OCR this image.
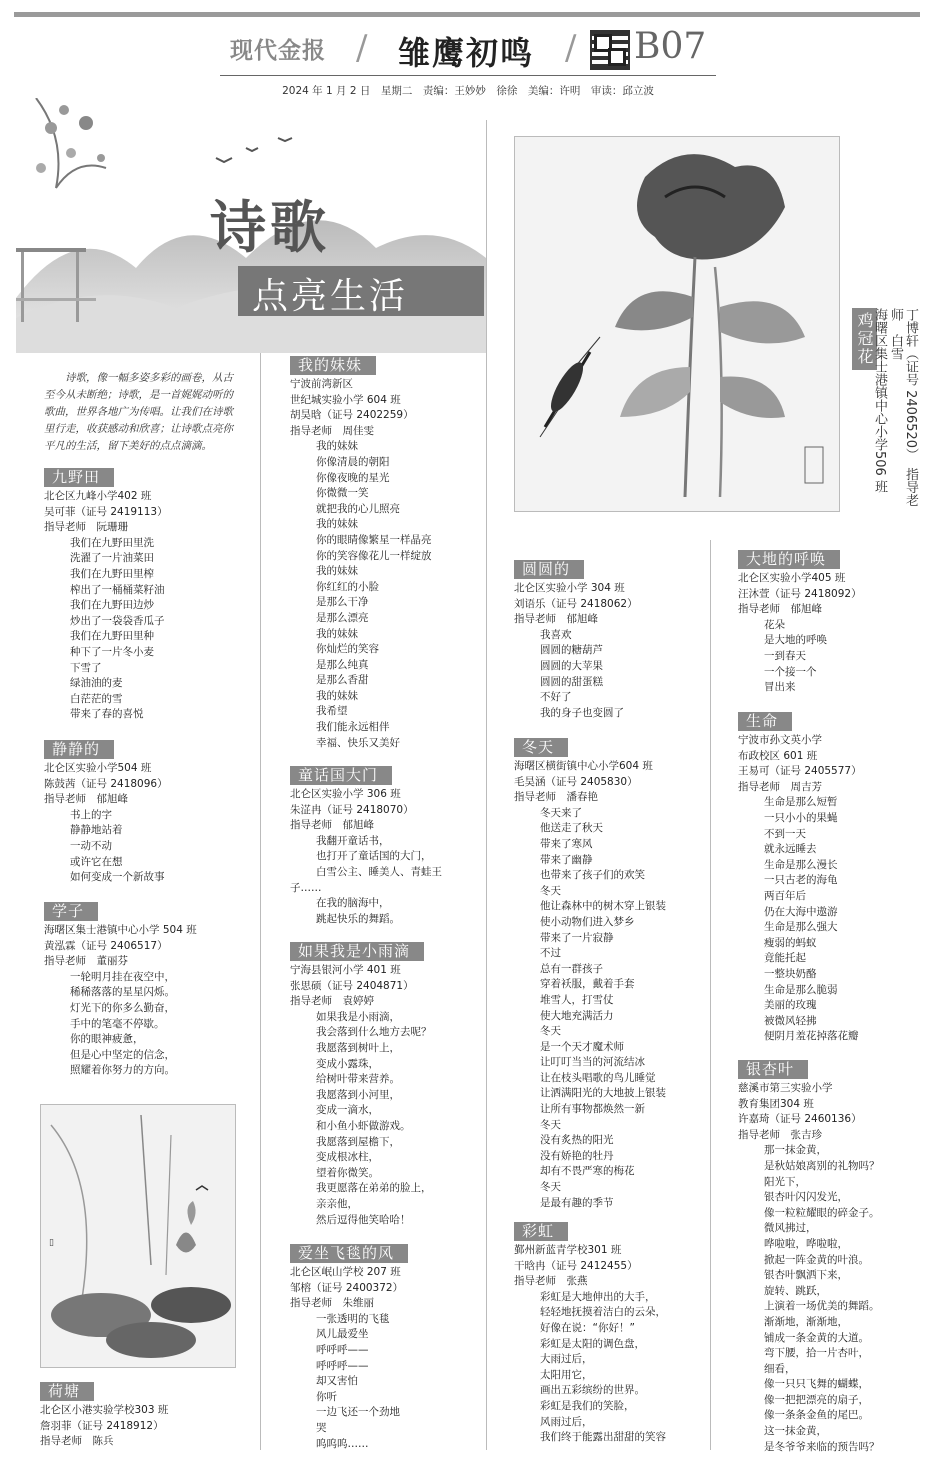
现代金报 / 雏鹰初鸣 / B07
2024 年 1 月 2 日　星期二　责编：王妙妙　徐徐　美编：许明　审读：邱立波
诗歌
点亮生活
诗歌，像一幅多姿多彩的画卷，从古至今从未断绝；诗歌，是一首娓娓动听的歌曲，世界各地广为传唱。让我们在诗歌里行走，收获感动和欣喜；让诗歌点亮你平凡的生活，留下美好的点点滴滴。
九野田
北仑区九峰小学402 班
吴可菲（证号 2419113）
指导老师　阮珊珊
我们在九野田里洗
洗濯了一片油菜田
我们在九野田里榨
榨出了一桶桶菜籽油
我们在九野田边炒
炒出了一袋袋香瓜子
我们在九野田里种
种下了一片冬小麦
下雪了
绿油油的麦
白茫茫的雪
带来了春的喜悦
静静的
北仑区实验小学504 班
陈鼓茜（证号 2418096）
指导老师　郁旭峰
书上的字
静静地站着
一动不动
或许它在想
如何变成一个新故事
学子
海曙区集士港镇中心小学 504 班
黄泓霖（证号 2406517）
指导老师　董丽芬
一轮明月挂在夜空中，
稀稀落落的星星闪烁。
灯光下的你多么勤奋，
手中的笔毫不停歇。
你的眼神疲惫，
但是心中坚定的信念，
照耀着你努力的方向。
▯
荷塘
北仑区小港实验学校303 班
詹羽菲（证号 2418912）
指导老师　陈兵
我的妹妹
宁波前湾新区
世纪城实验小学 604 班
胡昊晗（证号 2402259）
指导老师　周佳雯
我的妹妹
你像清晨的朝阳
你像夜晚的星光
你微微一笑
就把我的心儿照亮
我的妹妹
你的眼睛像繁星一样晶亮
你的笑容像花儿一样绽放
我的妹妹
你红红的小脸
是那么干净
是那么漂亮
我的妹妹
你灿烂的笑容
是那么纯真
是那么香甜
我的妹妹
我希望
我们能永远相伴
幸福、快乐又美好
童话国大门
北仑区实验小学 306 班
朱淽冉（证号 2418070）
指导老师　郁旭峰
我翻开童话书，
也打开了童话国的大门，
白雪公主、睡美人、青蛙王
子……
在我的脑海中，
跳起快乐的舞蹈。
如果我是小雨滴
宁海县银河小学 401 班
张思硕（证号 2404871）
指导老师　袁婷婷
如果我是小雨滴，
我会落到什么地方去呢？
我愿落到树叶上，
变成小露珠，
给树叶带来营养。
我愿落到小河里，
变成一滴水，
和小鱼小虾做游戏。
我愿落到屋檐下，
变成根冰柱，
望着你微笑。
我更愿落在弟弟的脸上，
亲亲他，
然后逗得他笑哈哈！
爱坐飞毯的风
北仑区岷山学校 207 班
邹榕（证号 2400372）
指导老师　朱维丽
一张透明的飞毯
风儿最爱坐
呼呼呼——
呼呼呼——
却又害怕
你听
一边飞还一个劲地
哭
呜呜呜……
鸡冠花
海曙区集士港镇中心小学506 班	丁博轩（证号 2406520）　指导老师　白雪
圆圆的
北仑区实验小学 304 班
刘语乐（证号 2418062）
指导老师　郁旭峰
我喜欢
圆圆的糖葫芦
圆圆的大苹果
圆圆的甜蛋糕
不好了
我的身子也变圆了
冬天
海曙区横街镇中心小学604 班
毛昊涵（证号 2405830）
指导老师　潘春艳
冬天来了
他送走了秋天
带来了寒风
带来了幽静
也带来了孩子们的欢笑
冬天
他让森林中的树木穿上银装
使小动物们进入梦乡
带来了一片寂静
不过
总有一群孩子
穿着袄服，戴着手套
堆雪人，打雪仗
使大地充满活力
冬天
是一个天才魔术师
让叮叮当当的河流结冰
让在枝头唱歌的鸟儿睡觉
让洒满阳光的大地披上银装
让所有事物都焕然一新
冬天
没有炙热的阳光
没有娇艳的牡丹
却有不畏严寒的梅花
冬天
是最有趣的季节
彩虹
鄞州新蓝青学校301 班
干晗冉（证号 2412455）
指导老师　张燕
彩虹是大地伸出的大手，
轻轻地抚摸着洁白的云朵，
好像在说：“你好！”
彩虹是太阳的调色盘，
大雨过后，
太阳用它，
画出五彩缤纷的世界。
彩虹是我们的笑脸，
风雨过后，
我们终于能露出甜甜的笑容
大地的呼唤
北仑区实验小学405 班
汪沐萱（证号 2418092）
指导老师　郁旭峰
花朵
是大地的呼唤
一到春天
一个接一个
冒出来
生命
宁波市孙文英小学
布政校区 601 班
王易可（证号 2405577）
指导老师　周吉芳
生命是那么短暂
一只小小的果蝇
不到一天
就永远睡去
生命是那么漫长
一只古老的海龟
两百年后
仍在大海中遨游
生命是那么强大
瘦弱的蚂蚁
竟能托起
一整块奶酪
生命是那么脆弱
美丽的玫瑰
被微风轻拂
便阴月羞花掉落花瓣
银杏叶
慈溪市第三实验小学
教育集团304 班
许嘉琦（证号 2460136）
指导老师　张吉珍
那一抹金黄，
是秋姑娘离别的礼物吗？
阳光下，
银杏叶闪闪发光，
像一粒粒耀眼的碎金子。
微风拂过，
哗啦啦，哗啦啦，
掀起一阵金黄的叶浪。
银杏叶飘洒下来，
旋转、跳跃，
上演着一场优美的舞蹈。
渐渐地，渐渐地，
铺成一条金黄的大道。
弯下腰，拾一片杏叶，
细看，
像一只只飞舞的蝴蝶，
像一把把漂亮的扇子，
像一条条金鱼的尾巴。
这一抹金黄，
是冬爷爷来临的预告吗？
